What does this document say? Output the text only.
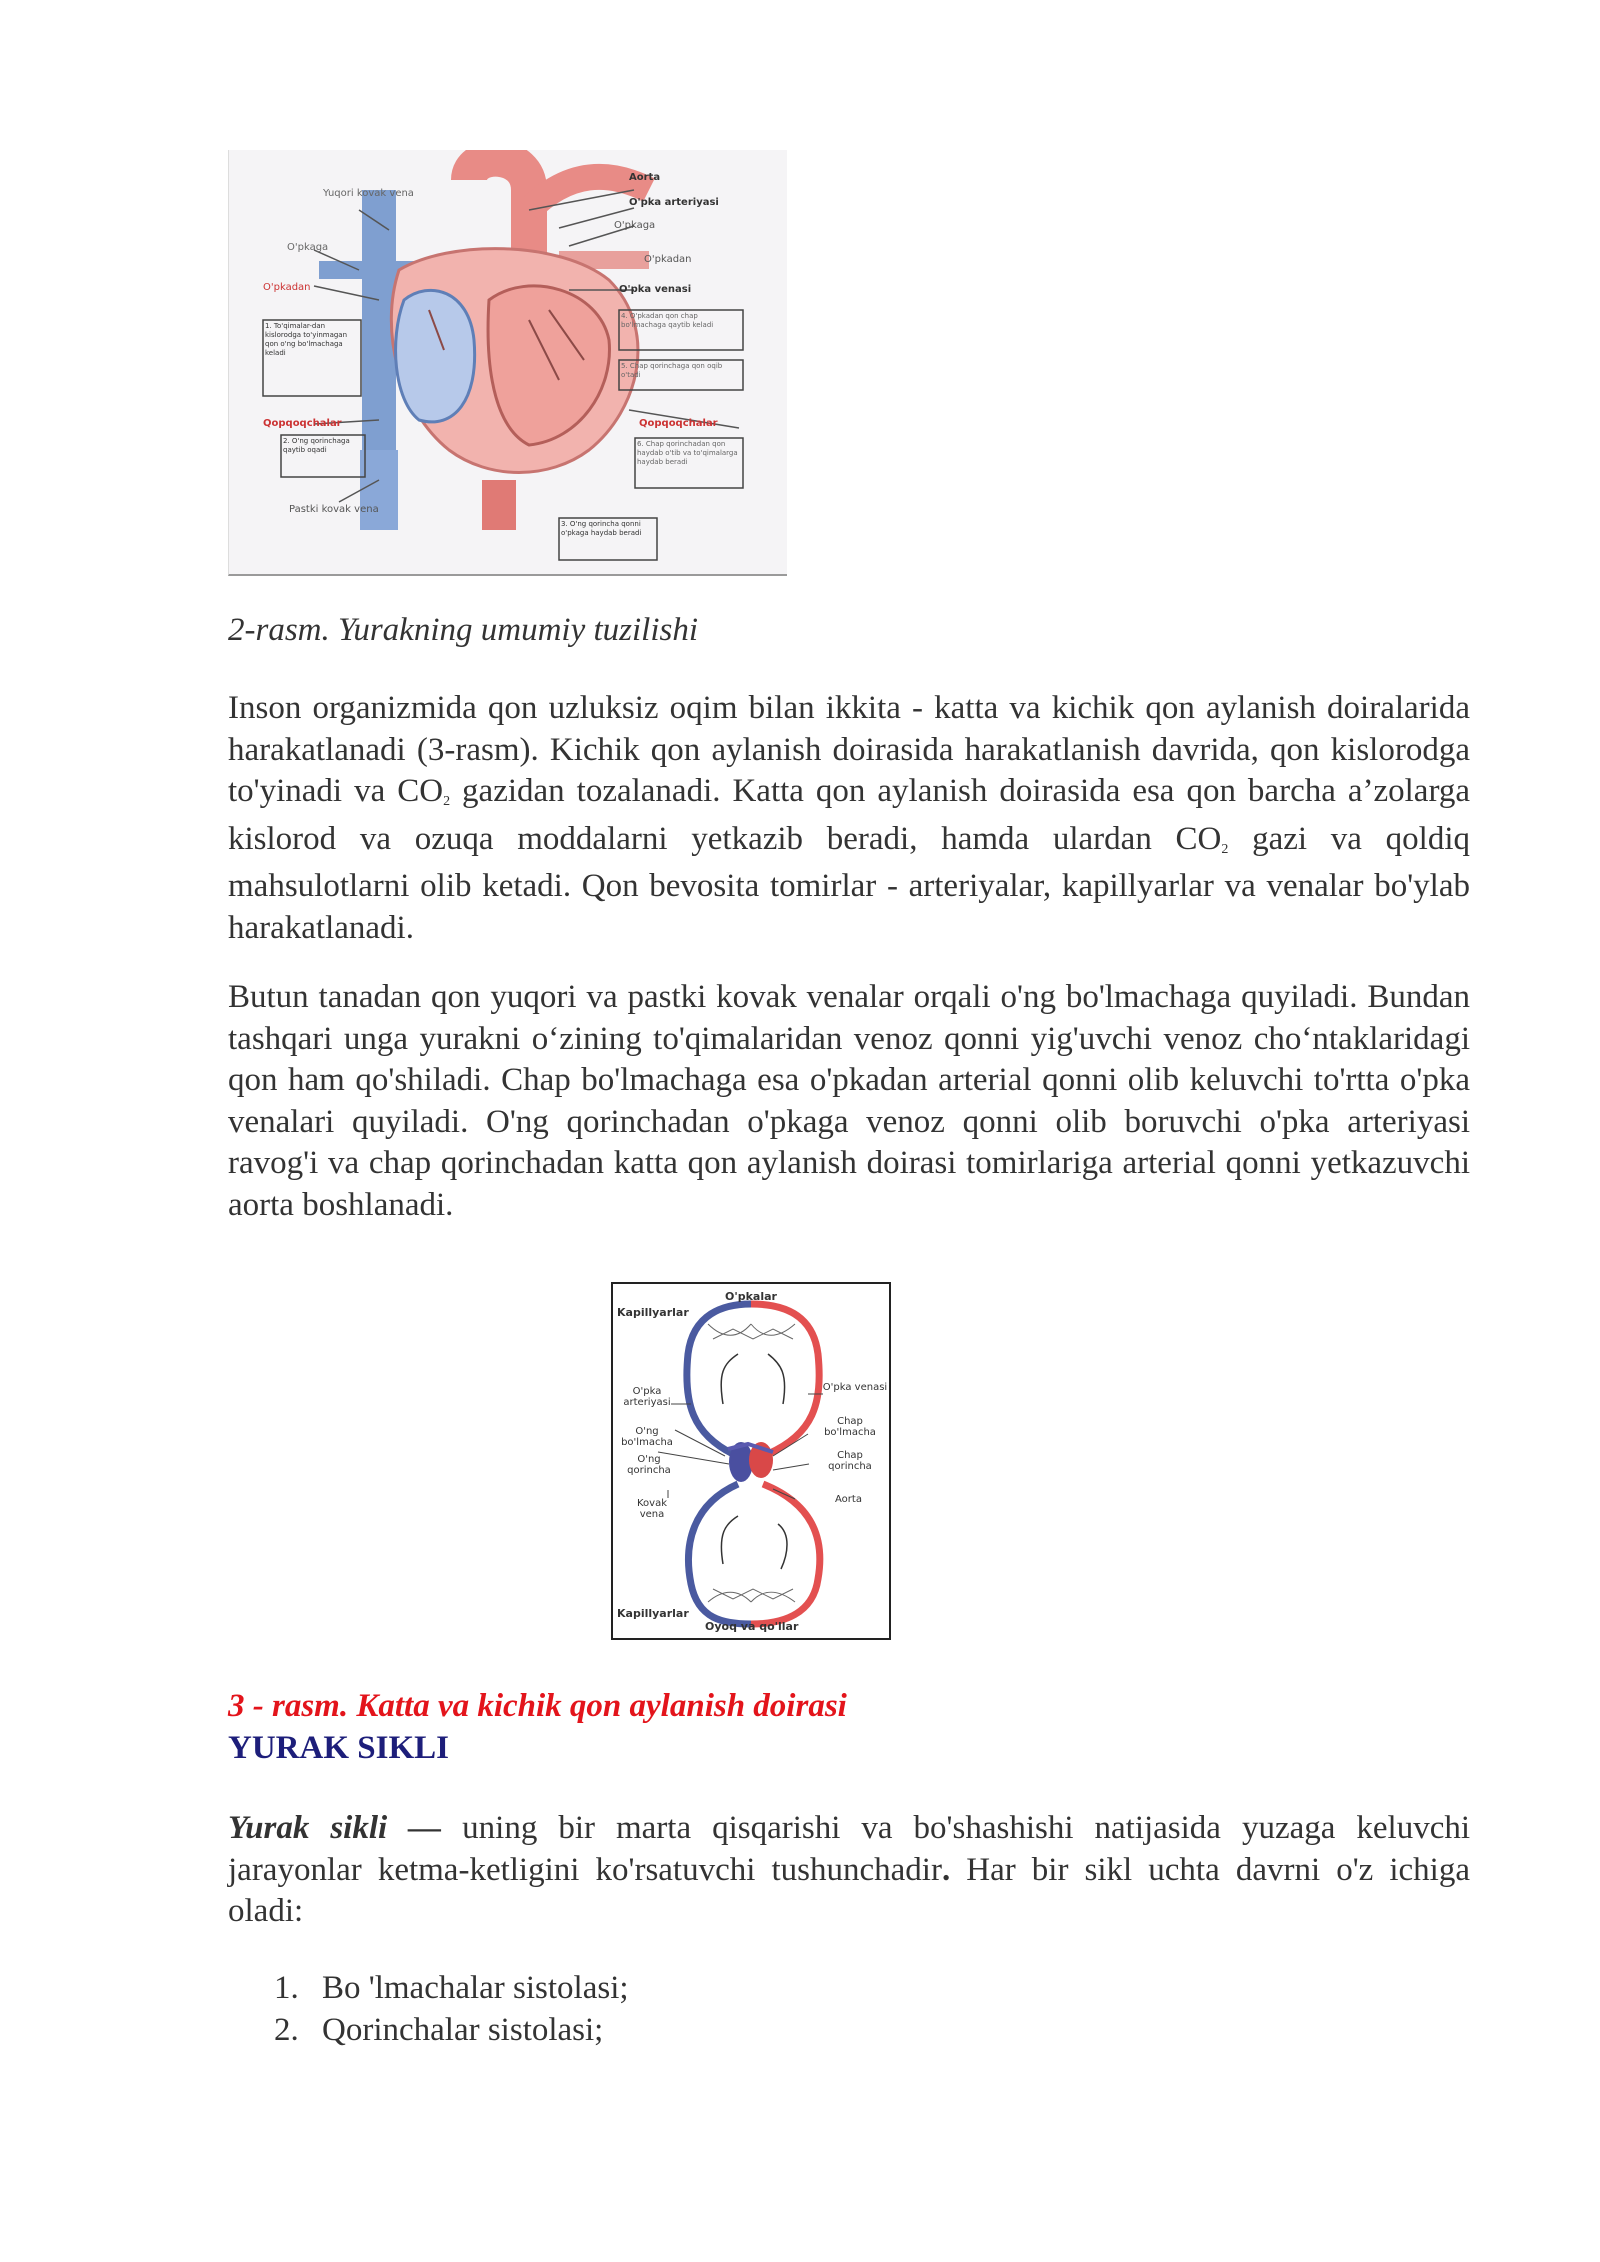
Aorta
O'pka arteriyasi
O'pkaga
O'pkadan
O'pka venasi
Yuqori kovak vena
O'pkaga
O'pkadan
Qopqoqchalar	Qopqoqchalar
Pastki kovak vena
1. To'qimalar-dan kislorodga to'yinmagan qon o'ng bo'lmachaga keladi
2. O'ng qorinchaga qaytib oqadi
3. O'ng qorincha qonni o'pkaga haydab beradi
4. O'pkadan qon chap bo'lmachaga qaytib keladi
5. Chap qorinchaga qon oqib o'tadi
6. Chap qorinchadan qon haydab o'tib va to'qimalarga haydab beradi
2-rasm. Yurakning umumiy tuzilishi
Inson organizmida qon uzluksiz oqim bilan ikkita - katta va kichik qon aylanish doiralarida harakatlanadi (3-rasm). Kichik qon aylanish doirasida harakatlanish davrida, qon kislorodga to'yinadi va $CO_2$ gazidan tozalanadi. Katta qon aylanish doirasida esa qon barcha a’zolarga kislorod va ozuqa moddalarni yetkazib beradi, hamda ulardan $CO_2$ gazi va qoldiq mahsulotlarni olib ketadi. Qon bevosita tomirlar - arteriyalar, kapillyarlar va venalar bo'ylab harakatlanadi.
Butun tanadan qon yuqori va pastki kovak venalar orqali o'ng bo'lmachaga quyiladi. Bundan tashqari unga yurakni o‘zining to'qimalaridan venoz qonni yig'uvchi venoz cho‘ntaklaridagi qon ham qo'shiladi. Chap bo'lmachaga esa o'pkadan arterial qonni olib keluvchi to'rtta o'pka venalari quyiladi. O'ng qorinchadan o'pkaga venoz qonni olib boruvchi o'pka arteriyasi ravog'i va chap qorinchadan katta qon aylanish doirasi tomirlariga arterial qonni yetkazuvchi aorta boshlanadi.
O'pkalar
Kapillyarlar
Kapillyarlar
Oyoq va qo'llar
O'pka arteriyasi
O'ng bo'lmacha
O'ng qorincha
Kovak vena
O'pka venasi
Chap bo'lmacha
Chap qorincha
Aorta
3 - rasm. Katta va kichik qon aylanish doirasi
YURAK SIKLI
Yurak sikli — uning bir marta qisqarishi va bo'shashishi natijasida yuzaga keluvchi jarayonlar ketma-ketligini ko'rsatuvchi tushunchadir. Har bir sikl uchta davrni o'z ichiga oladi:
1. Bo 'lmachalar sistolasi;
2. Qorinchalar sistolasi;
